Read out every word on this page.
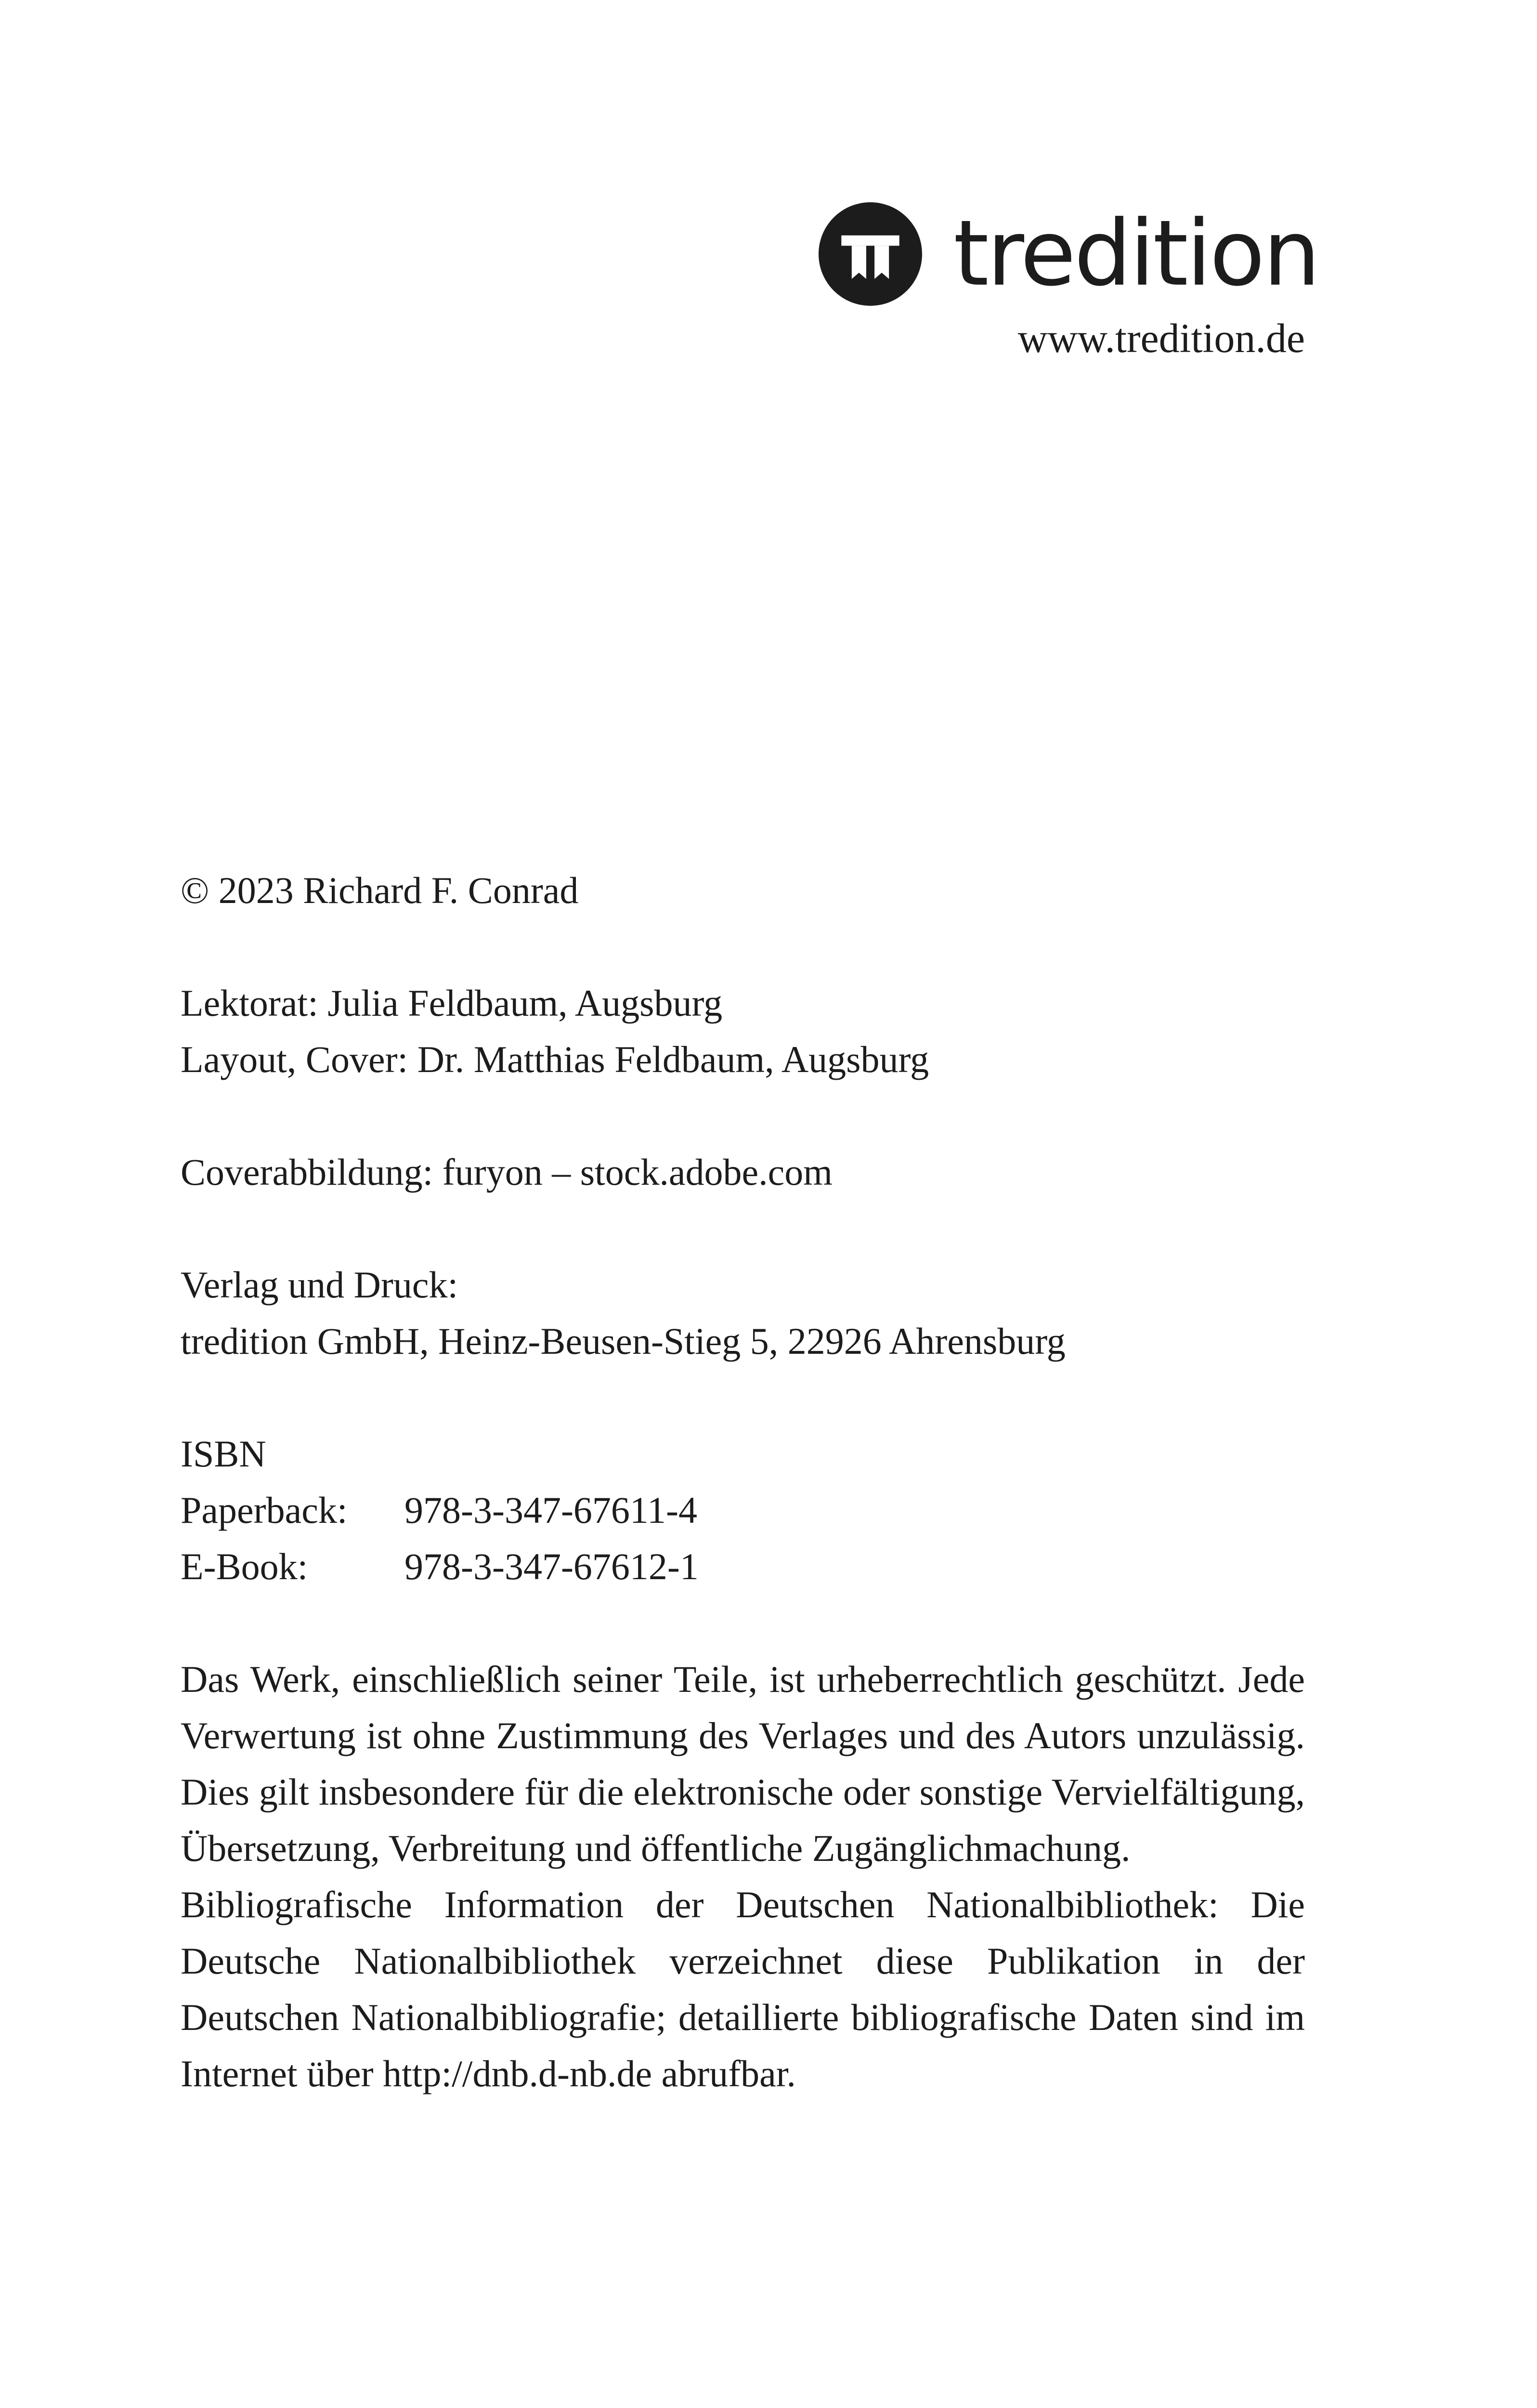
tredition
www.tredition.de

© 2023 Richard F. Conrad

Lektorat: Julia Feldbaum, Augsburg

Layout, Cover: Dr. Matthias Feldbaum, Augsburg

Coverabbildung: furyon – stock.adobe.com

Verlag und Druck:

tredition GmbH, Heinz-Beusen-Stieg 5, 22926 Ahrensburg

ISBN

Paperback:	978-3-347-67611-4
E-Book:	978-3-347-67612-1

Das Werk, einschließlich seiner Teile, ist urheberrechtlich geschützt. Jede Verwertung ist ohne Zustimmung des Verlages und des Autors unzulässig. Dies gilt insbesondere für die elektronische oder sonstige Vervielfältigung, Übersetzung, Verbreitung und öffentliche Zugänglichmachung.

Bibliografische Information der Deutschen Nationalbibliothek: Die Deutsche Nationalbibliothek verzeichnet diese Publikation in der Deutschen Nationalbibliografie; detaillierte bibliografische Daten sind im Internet über http://dnb.d-nb.de abrufbar.
